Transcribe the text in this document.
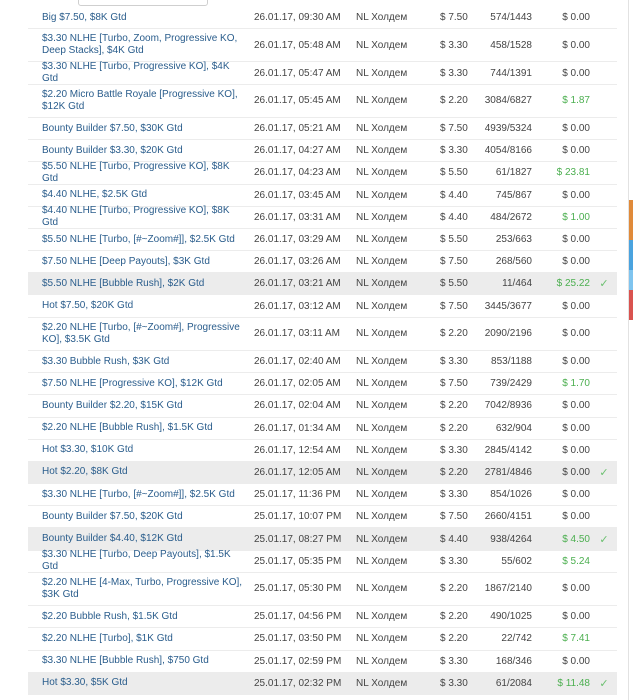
Big $7.50, $8K Gtd	26.01.17, 09:30 AM	NL Холдем	$ 7.50	574/1443	$ 0.00
$3.30 NLHE [Turbo, Zoom, Progressive KO, Deep Stacks], $4K Gtd	26.01.17, 05:48 AM	NL Холдем	$ 3.30	458/1528	$ 0.00
$3.30 NLHE [Turbo, Progressive KO], $4K Gtd	26.01.17, 05:47 AM	NL Холдем	$ 3.30	744/1391	$ 0.00
$2.20 Micro Battle Royale [Progressive KO], $12K Gtd	26.01.17, 05:45 AM	NL Холдем	$ 2.20	3084/6827	$ 1.87
Bounty Builder $7.50, $30K Gtd	26.01.17, 05:21 AM	NL Холдем	$ 7.50	4939/5324	$ 0.00
Bounty Builder $3.30, $20K Gtd	26.01.17, 04:27 AM	NL Холдем	$ 3.30	4054/8166	$ 0.00
$5.50 NLHE [Turbo, Progressive KO], $8K Gtd	26.01.17, 04:23 AM	NL Холдем	$ 5.50	61/1827	$ 23.81
$4.40 NLHE, $2.5K Gtd	26.01.17, 03:45 AM	NL Холдем	$ 4.40	745/867	$ 0.00
$4.40 NLHE [Turbo, Progressive KO], $8K Gtd	26.01.17, 03:31 AM	NL Холдем	$ 4.40	484/2672	$ 1.00
$5.50 NLHE [Turbo, [#~Zoom#]], $2.5K Gtd	26.01.17, 03:29 AM	NL Холдем	$ 5.50	253/663	$ 0.00
$7.50 NLHE [Deep Payouts], $3K Gtd	26.01.17, 03:26 AM	NL Холдем	$ 7.50	268/560	$ 0.00
$5.50 NLHE [Bubble Rush], $2K Gtd	26.01.17, 03:21 AM	NL Холдем	$ 5.50	11/464	$ 25.22 ✓
Hot $7.50, $20K Gtd	26.01.17, 03:12 AM	NL Холдем	$ 7.50	3445/3677	$ 0.00
$2.20 NLHE [Turbo, [#~Zoom#], Progressive KO], $3.5K Gtd	26.01.17, 03:11 AM	NL Холдем	$ 2.20	2090/2196	$ 0.00
$3.30 Bubble Rush, $3K Gtd	26.01.17, 02:40 AM	NL Холдем	$ 3.30	853/1188	$ 0.00
$7.50 NLHE [Progressive KO], $12K Gtd	26.01.17, 02:05 AM	NL Холдем	$ 7.50	739/2429	$ 1.70
Bounty Builder $2.20, $15K Gtd	26.01.17, 02:04 AM	NL Холдем	$ 2.20	7042/8936	$ 0.00
$2.20 NLHE [Bubble Rush], $1.5K Gtd	26.01.17, 01:34 AM	NL Холдем	$ 2.20	632/904	$ 0.00
Hot $3.30, $10K Gtd	26.01.17, 12:54 AM	NL Холдем	$ 3.30	2845/4142	$ 0.00
Hot $2.20, $8K Gtd	26.01.17, 12:05 AM	NL Холдем	$ 2.20	2781/4846	$ 0.00 ✓
$3.30 NLHE [Turbo, [#~Zoom#]], $2.5K Gtd	25.01.17, 11:36 PM	NL Холдем	$ 3.30	854/1026	$ 0.00
Bounty Builder $7.50, $20K Gtd	25.01.17, 10:07 PM	NL Холдем	$ 7.50	2660/4151	$ 0.00
Bounty Builder $4.40, $12K Gtd	25.01.17, 08:27 PM	NL Холдем	$ 4.40	938/4264	$ 4.50 ✓
$3.30 NLHE [Turbo, Deep Payouts], $1.5K Gtd	25.01.17, 05:35 PM	NL Холдем	$ 3.30	55/602	$ 5.24
$2.20 NLHE [4-Max, Turbo, Progressive KO], $3K Gtd	25.01.17, 05:30 PM	NL Холдем	$ 2.20	1867/2140	$ 0.00
$2.20 Bubble Rush, $1.5K Gtd	25.01.17, 04:56 PM	NL Холдем	$ 2.20	490/1025	$ 0.00
$2.20 NLHE [Turbo], $1K Gtd	25.01.17, 03:50 PM	NL Холдем	$ 2.20	22/742	$ 7.41
$3.30 NLHE [Bubble Rush], $750 Gtd	25.01.17, 02:59 PM	NL Холдем	$ 3.30	168/346	$ 0.00
Hot $3.30, $5K Gtd	25.01.17, 02:32 PM	NL Холдем	$ 3.30	61/2084	$ 11.48 ✓
